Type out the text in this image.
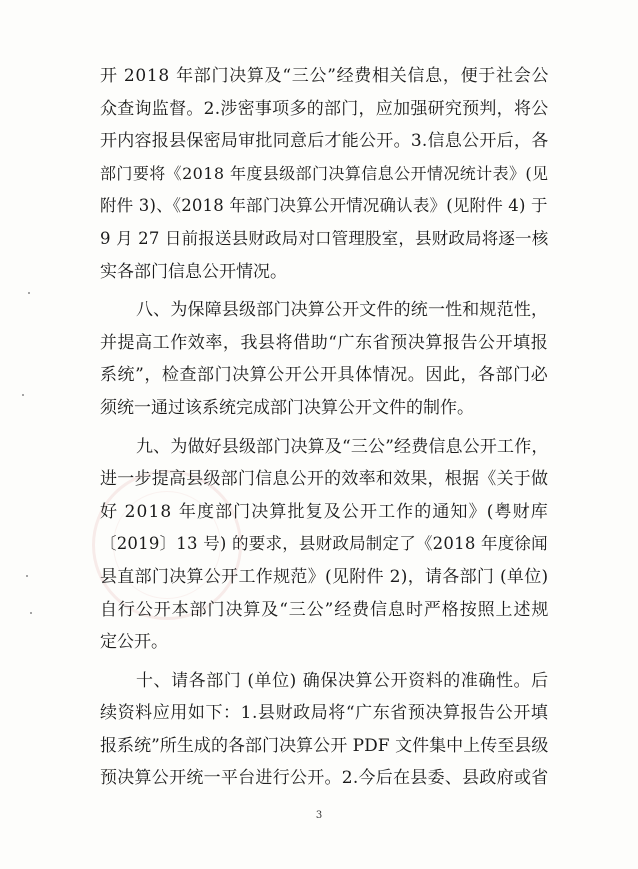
开 2018 年部门决算及“三公”经费相关信息，便于社会公
众查询监督。2.涉密事项多的部门，应加强研究预判，将公
开内容报县保密局审批同意后才能公开。3.信息公开后，各
部门要将《2018 年度县级部门决算信息公开情况统计表》(见
附件 3)、《2018 年部门决算公开情况确认表》(见附件 4) 于
9 月 27 日前报送县财政局对口管理股室，县财政局将逐一核
实各部门信息公开情况。
八、为保障县级部门决算公开文件的统一性和规范性，
并提高工作效率，我县将借助“广东省预决算报告公开填报
系统”，检查部门决算公开公开具体情况。因此，各部门必
须统一通过该系统完成部门决算公开文件的制作。
九、为做好县级部门决算及“三公”经费信息公开工作，
进一步提高县级部门信息公开的效率和效果，根据《关于做
好 2018 年度部门决算批复及公开工作的通知》(粤财库
〔2019〕13 号) 的要求，县财政局制定了《2018 年度徐闻
县直部门决算公开工作规范》(见附件 2)，请各部门 (单位)
自行公开本部门决算及“三公”经费信息时严格按照上述规
定公开。
十、请各部门 (单位) 确保决算公开资料的准确性。后
续资料应用如下：1.县财政局将“广东省预决算报告公开填
报系统”所生成的各部门决算公开 PDF 文件集中上传至县级
预决算公开统一平台进行公开。2.今后在县委、县政府或省
3
